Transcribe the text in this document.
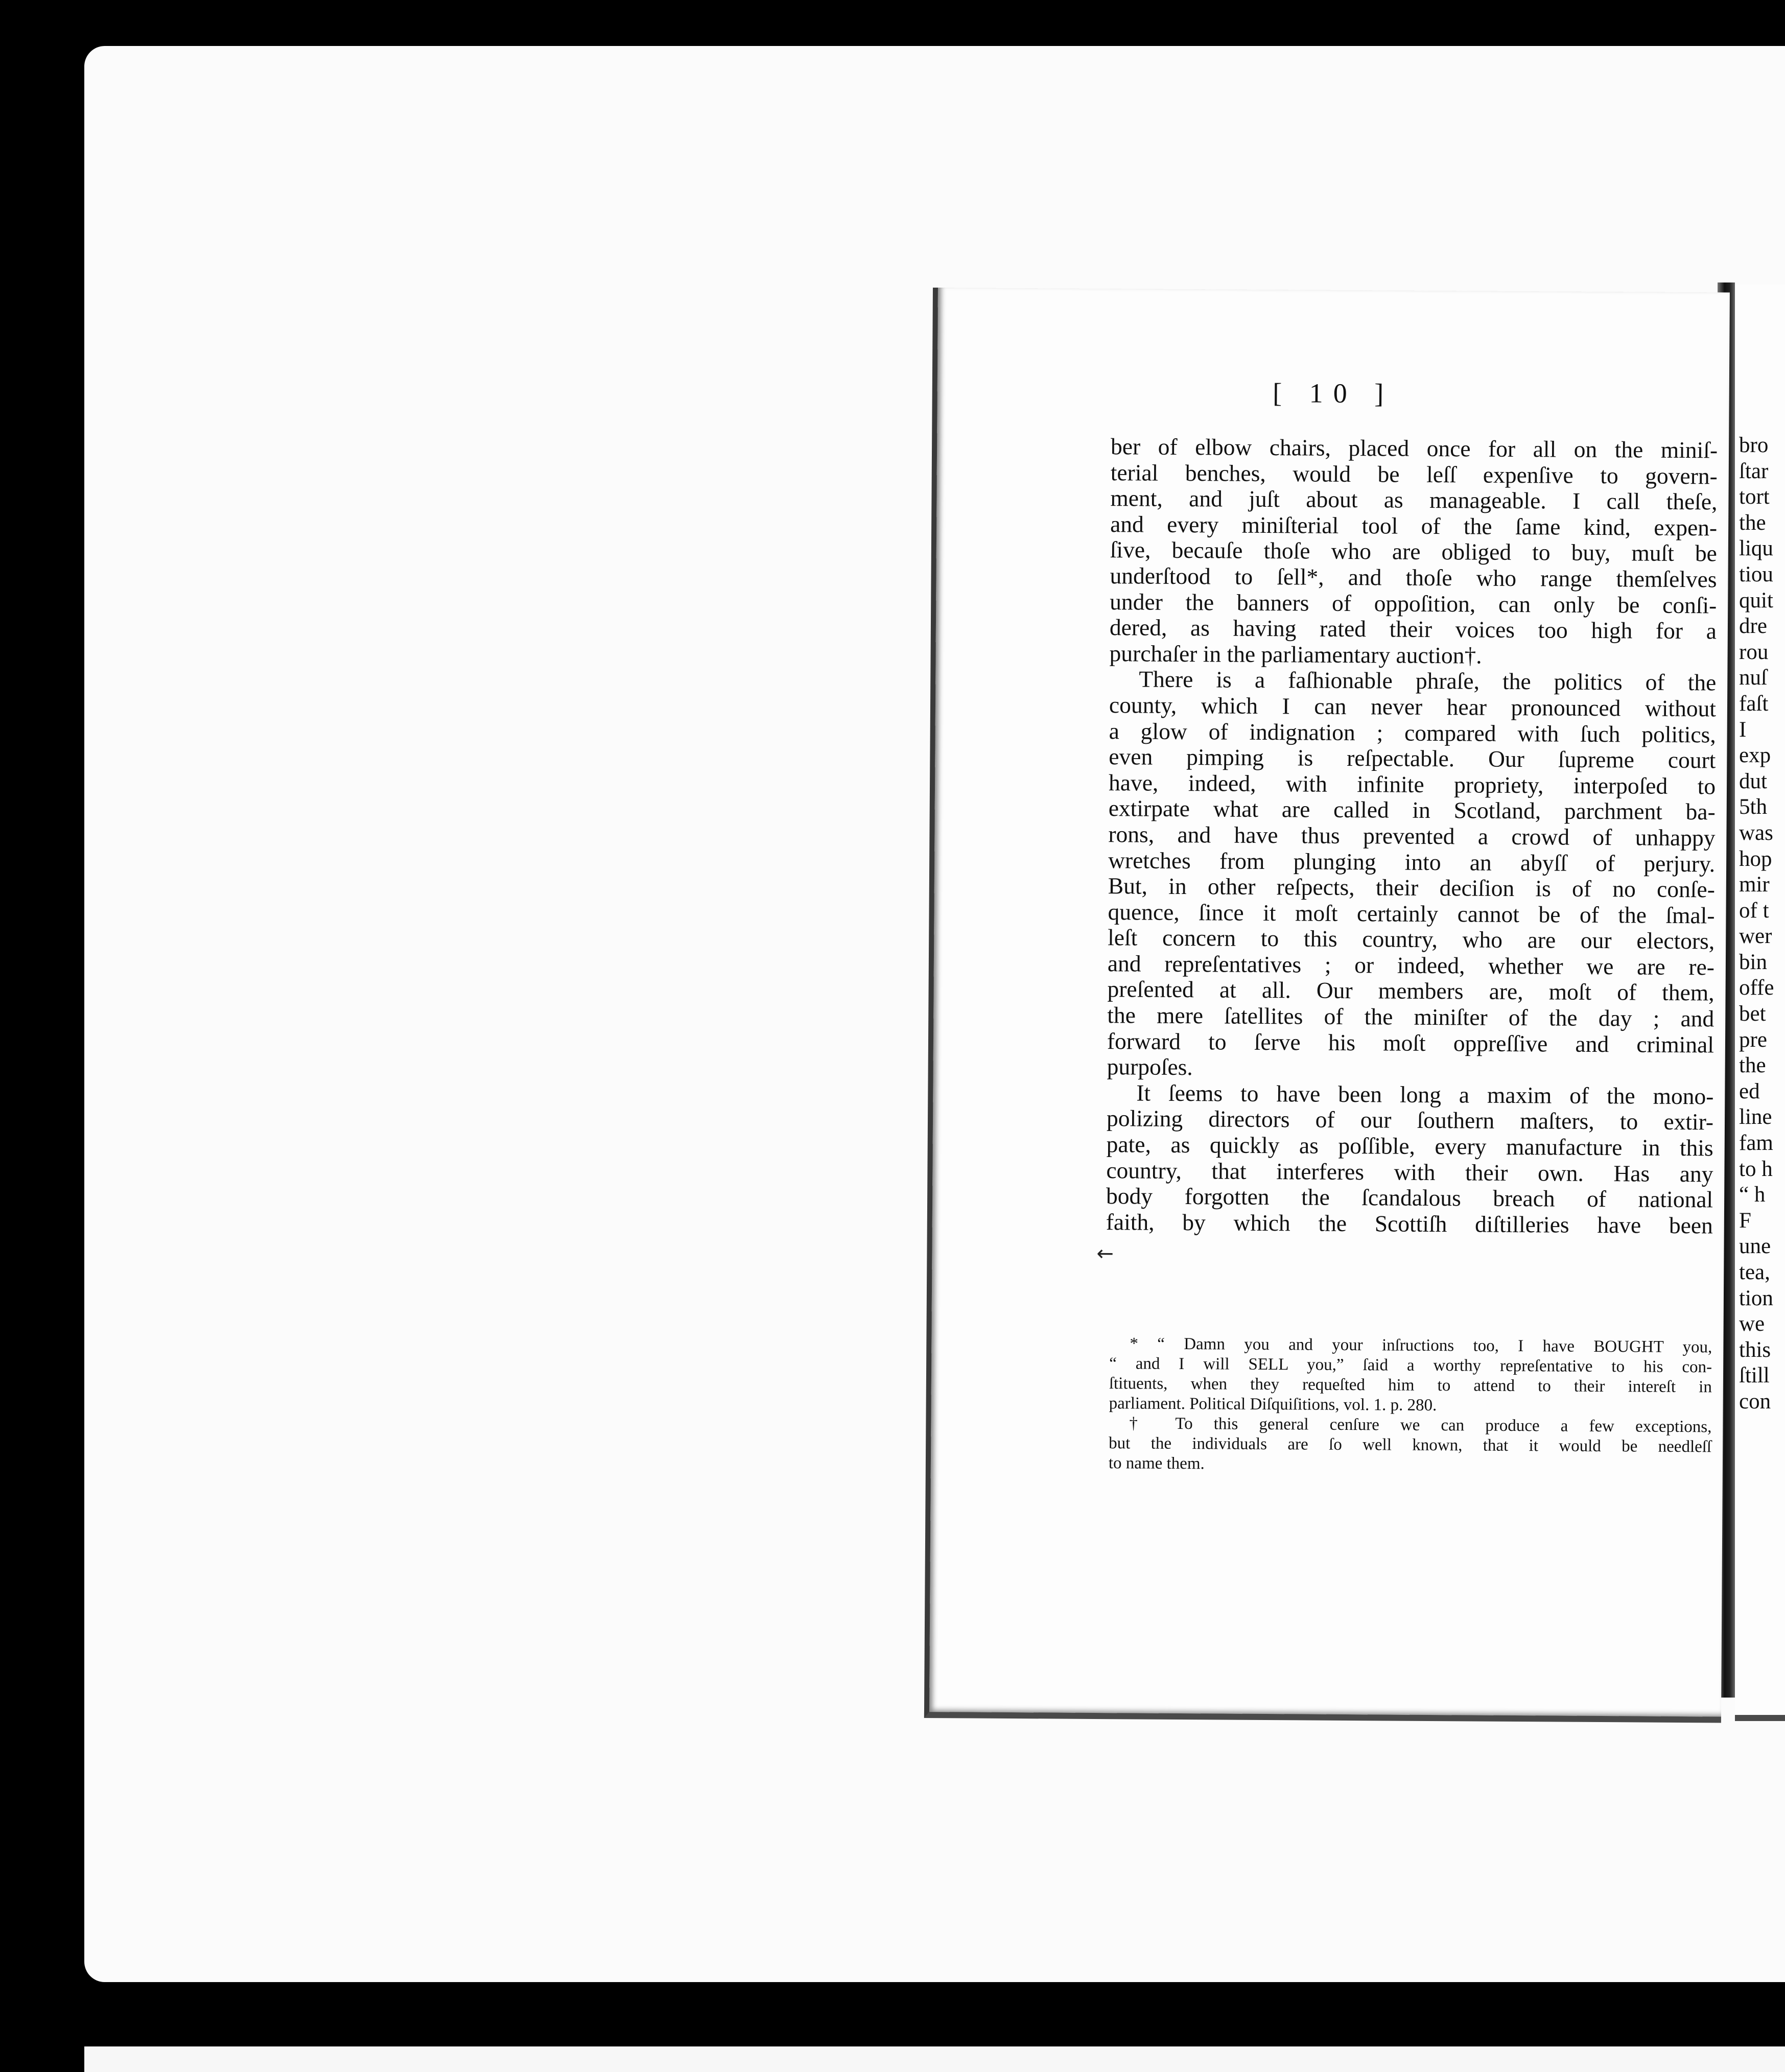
[ 10 ]
←
ber of elbow chairs, placed once for all on the miniſ-
terial benches, would be leſſ expenſive to govern-
ment, and juſt about as manageable. I call theſe,
and every miniſterial tool of the ſame kind, expen-
ſive, becauſe thoſe who are obliged to buy, muſt be
underſtood to ſell*, and thoſe who range themſelves
under the banners of oppoſition, can only be conſi-
dered, as having rated their voices too high for a
purchaſer in the parliamentary auction†.
There is a faſhionable phraſe, the politics of the
county, which I can never hear pronounced without
a glow of indignation ; compared with ſuch politics,
even pimping is reſpectable. Our ſupreme court
have, indeed, with infinite propriety, interpoſed to
extirpate what are called in Scotland, parchment ba-
rons, and have thus prevented a crowd of unhappy
wretches from plunging into an abyſſ of perjury.
But, in other reſpects, their deciſion is of no conſe-
quence, ſince it moſt certainly cannot be of the ſmal-
leſt concern to this country, who are our electors,
and repreſentatives ; or indeed, whether we are re-
preſented at all. Our members are, moſt of them,
the mere ſatellites of the miniſter of the day ; and
forward to ſerve his moſt oppreſſive and criminal
purpoſes.
It ſeems to have been long a maxim of the mono-
polizing directors of our ſouthern maſters, to extir-
pate, as quickly as poſſible, every manufacture in this
country, that interferes with their own. Has any
body forgotten the ſcandalous breach of national
faith, by which the Scottiſh diſtilleries have been
* “ Damn you and your inſructions too, I have BOUGHT you,
“ and I will SELL you,” ſaid a worthy repreſentative to his con-
ſtituents, when they requeſted him to attend to their intereſt in
parliament. Political Diſquiſitions, vol. 1. p. 280.
† To this general cenſure we can produce a few exceptions,
but the individuals are ſo well known, that it would be needleſſ
to name them.
bro
ſtar
tort
the
liqu
tiou
quit
dre
rou
nuſ
faſt
I
exp
dut
5th
was
hop
mir
of t
wer
bin
offe
bet
pre
the
ed
line
fam
to h
“ h
F
une
tea,
tion
we
this
ſtill
con
